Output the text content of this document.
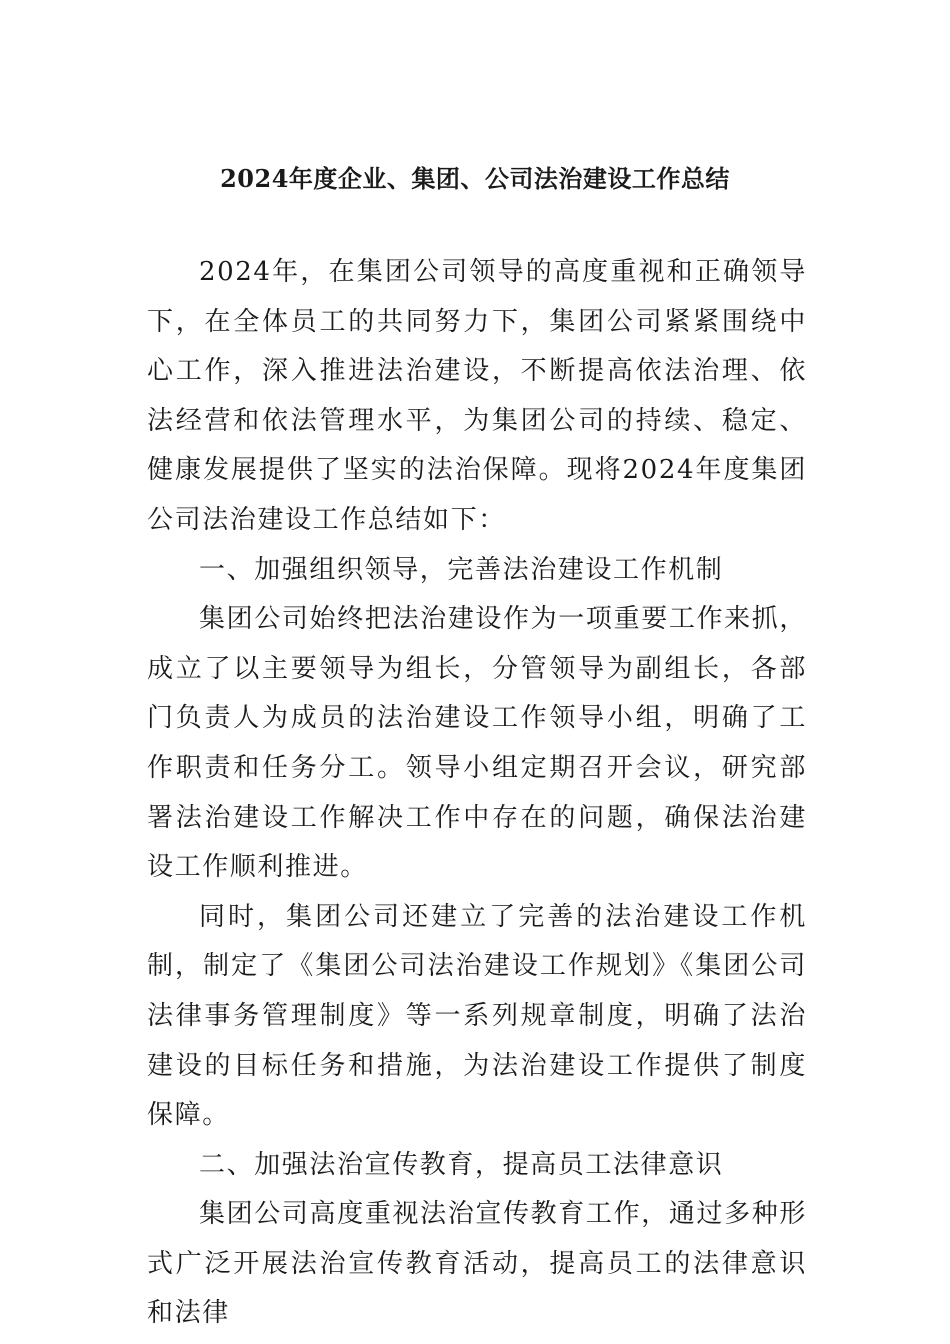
2024年度企业、集团、公司法治建设工作总结

2024年，在集团公司领导的高度重视和正确领导下，在全体员工的共同努力下，集团公司紧紧围绕中心工作，深入推进法治建设，不断提高依法治理、依法经营和依法管理水平，为集团公司的持续、稳定、健康发展提供了坚实的法治保障。现将2024年度集团公司法治建设工作总结如下：

一、加强组织领导，完善法治建设工作机制

集团公司始终把法治建设作为一项重要工作来抓，成立了以主要领导为组长，分管领导为副组长，各部门负责人为成员的法治建设工作领导小组，明确了工作职责和任务分工。领导小组定期召开会议，研究部署法治建设工作解决工作中存在的问题，确保法治建设工作顺利推进。

同时，集团公司还建立了完善的法治建设工作机制，制定了《集团公司法治建设工作规划》《集团公司法律事务管理制度》等一系列规章制度，明确了法治建设的目标任务和措施，为法治建设工作提供了制度保障。

二、加强法治宣传教育，提高员工法律意识

集团公司高度重视法治宣传教育工作，通过多种形式广泛开展法治宣传教育活动，提高员工的法律意识和法律
